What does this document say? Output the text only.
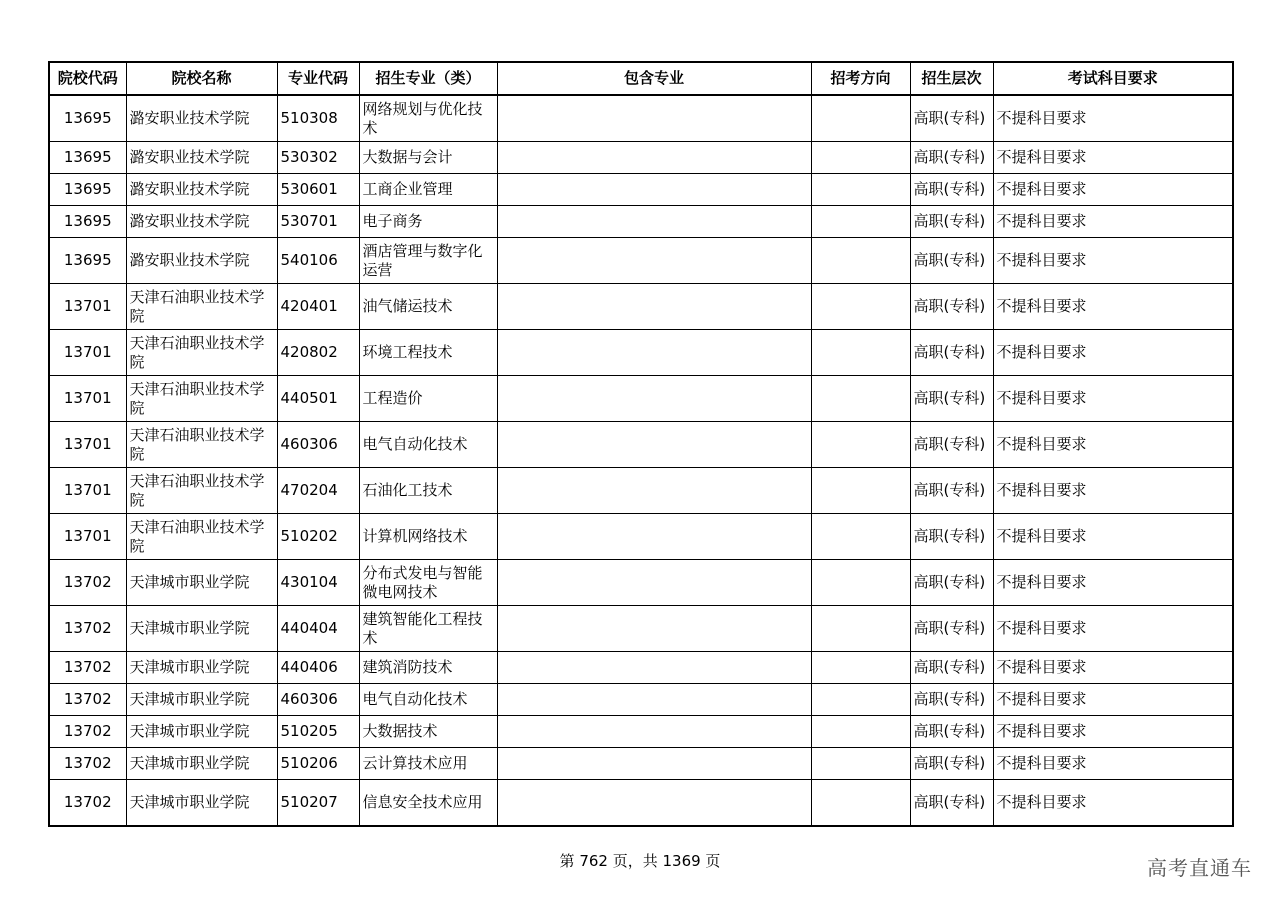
院校代码	院校名称	专业代码	招生专业（类）	包含专业	招考方向	招生层次	考试科目要求
13695	潞安职业技术学院	510308	网络规划与优化技术			高职(专科)	不提科目要求
13695	潞安职业技术学院	530302	大数据与会计			高职(专科)	不提科目要求
13695	潞安职业技术学院	530601	工商企业管理			高职(专科)	不提科目要求
13695	潞安职业技术学院	530701	电子商务			高职(专科)	不提科目要求
13695	潞安职业技术学院	540106	酒店管理与数字化运营			高职(专科)	不提科目要求
13701	天津石油职业技术学院	420401	油气储运技术			高职(专科)	不提科目要求
13701	天津石油职业技术学院	420802	环境工程技术			高职(专科)	不提科目要求
13701	天津石油职业技术学院	440501	工程造价			高职(专科)	不提科目要求
13701	天津石油职业技术学院	460306	电气自动化技术			高职(专科)	不提科目要求
13701	天津石油职业技术学院	470204	石油化工技术			高职(专科)	不提科目要求
13701	天津石油职业技术学院	510202	计算机网络技术			高职(专科)	不提科目要求
13702	天津城市职业学院	430104	分布式发电与智能微电网技术			高职(专科)	不提科目要求
13702	天津城市职业学院	440404	建筑智能化工程技术			高职(专科)	不提科目要求
13702	天津城市职业学院	440406	建筑消防技术			高职(专科)	不提科目要求
13702	天津城市职业学院	460306	电气自动化技术			高职(专科)	不提科目要求
13702	天津城市职业学院	510205	大数据技术			高职(专科)	不提科目要求
13702	天津城市职业学院	510206	云计算技术应用			高职(专科)	不提科目要求
13702	天津城市职业学院	510207	信息安全技术应用			高职(专科)	不提科目要求
第 762 页，共 1369 页	高考直通车
